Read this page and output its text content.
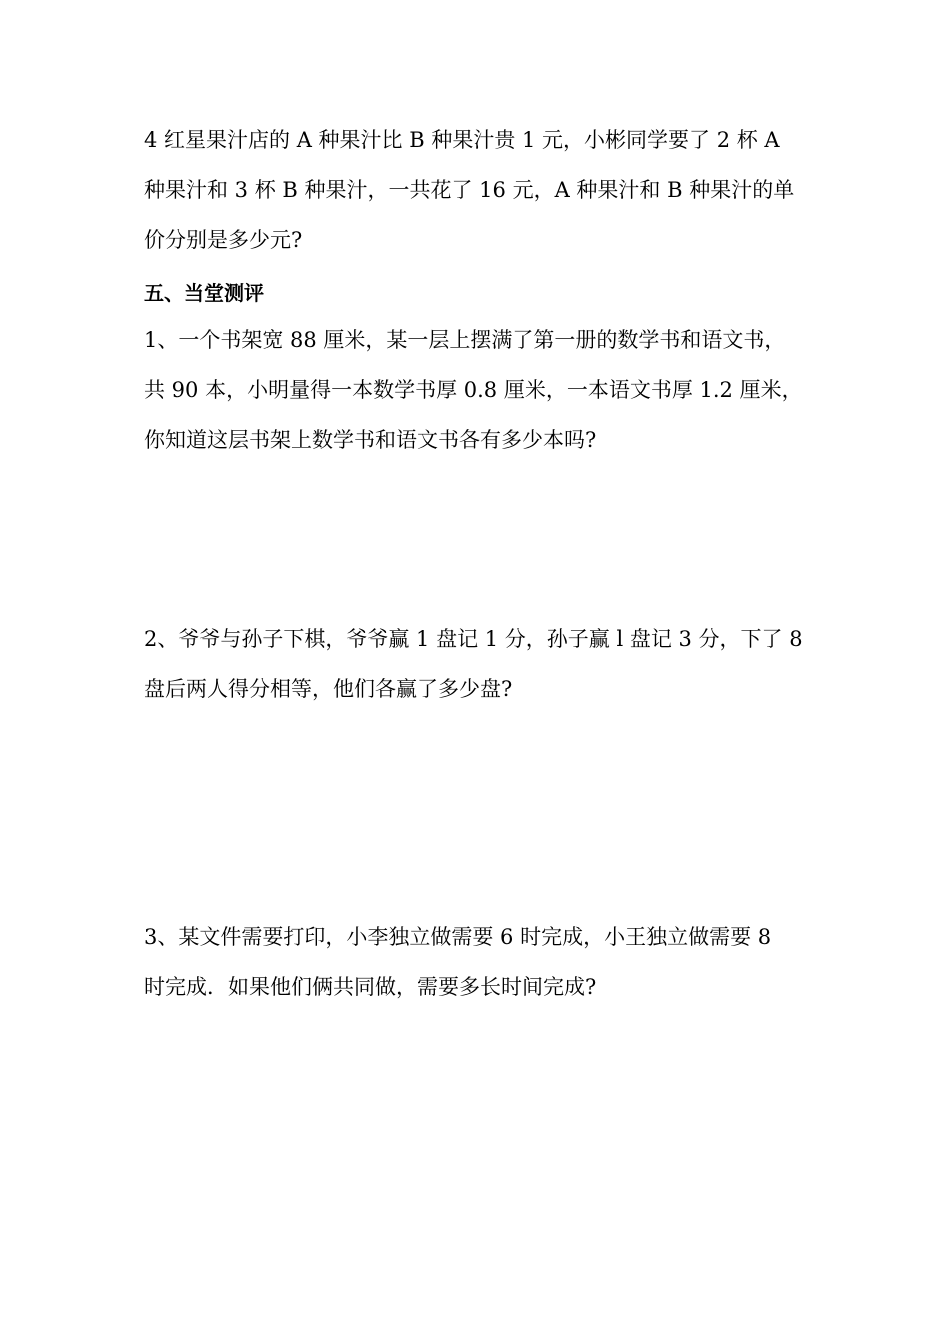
4 红星果汁店的 A 种果汁比 B 种果汁贵 1 元，小彬同学要了 2 杯 A
种果汁和 3 杯 B 种果汁，一共花了 16 元，A 种果汁和 B 种果汁的单
价分别是多少元?
五、当堂测评
1、一个书架宽 88 厘米，某一层上摆满了第一册的数学书和语文书，
共 90 本，小明量得一本数学书厚 0.8 厘米，一本语文书厚 1.2 厘米，
你知道这层书架上数学书和语文书各有多少本吗?
2、爷爷与孙子下棋，爷爷赢 1 盘记 1 分，孙子赢 l 盘记 3 分，下了 8
盘后两人得分相等，他们各赢了多少盘?
3、某文件需要打印，小李独立做需要 6 时完成，小王独立做需要 8
时完成．如果他们俩共同做，需要多长时间完成?
